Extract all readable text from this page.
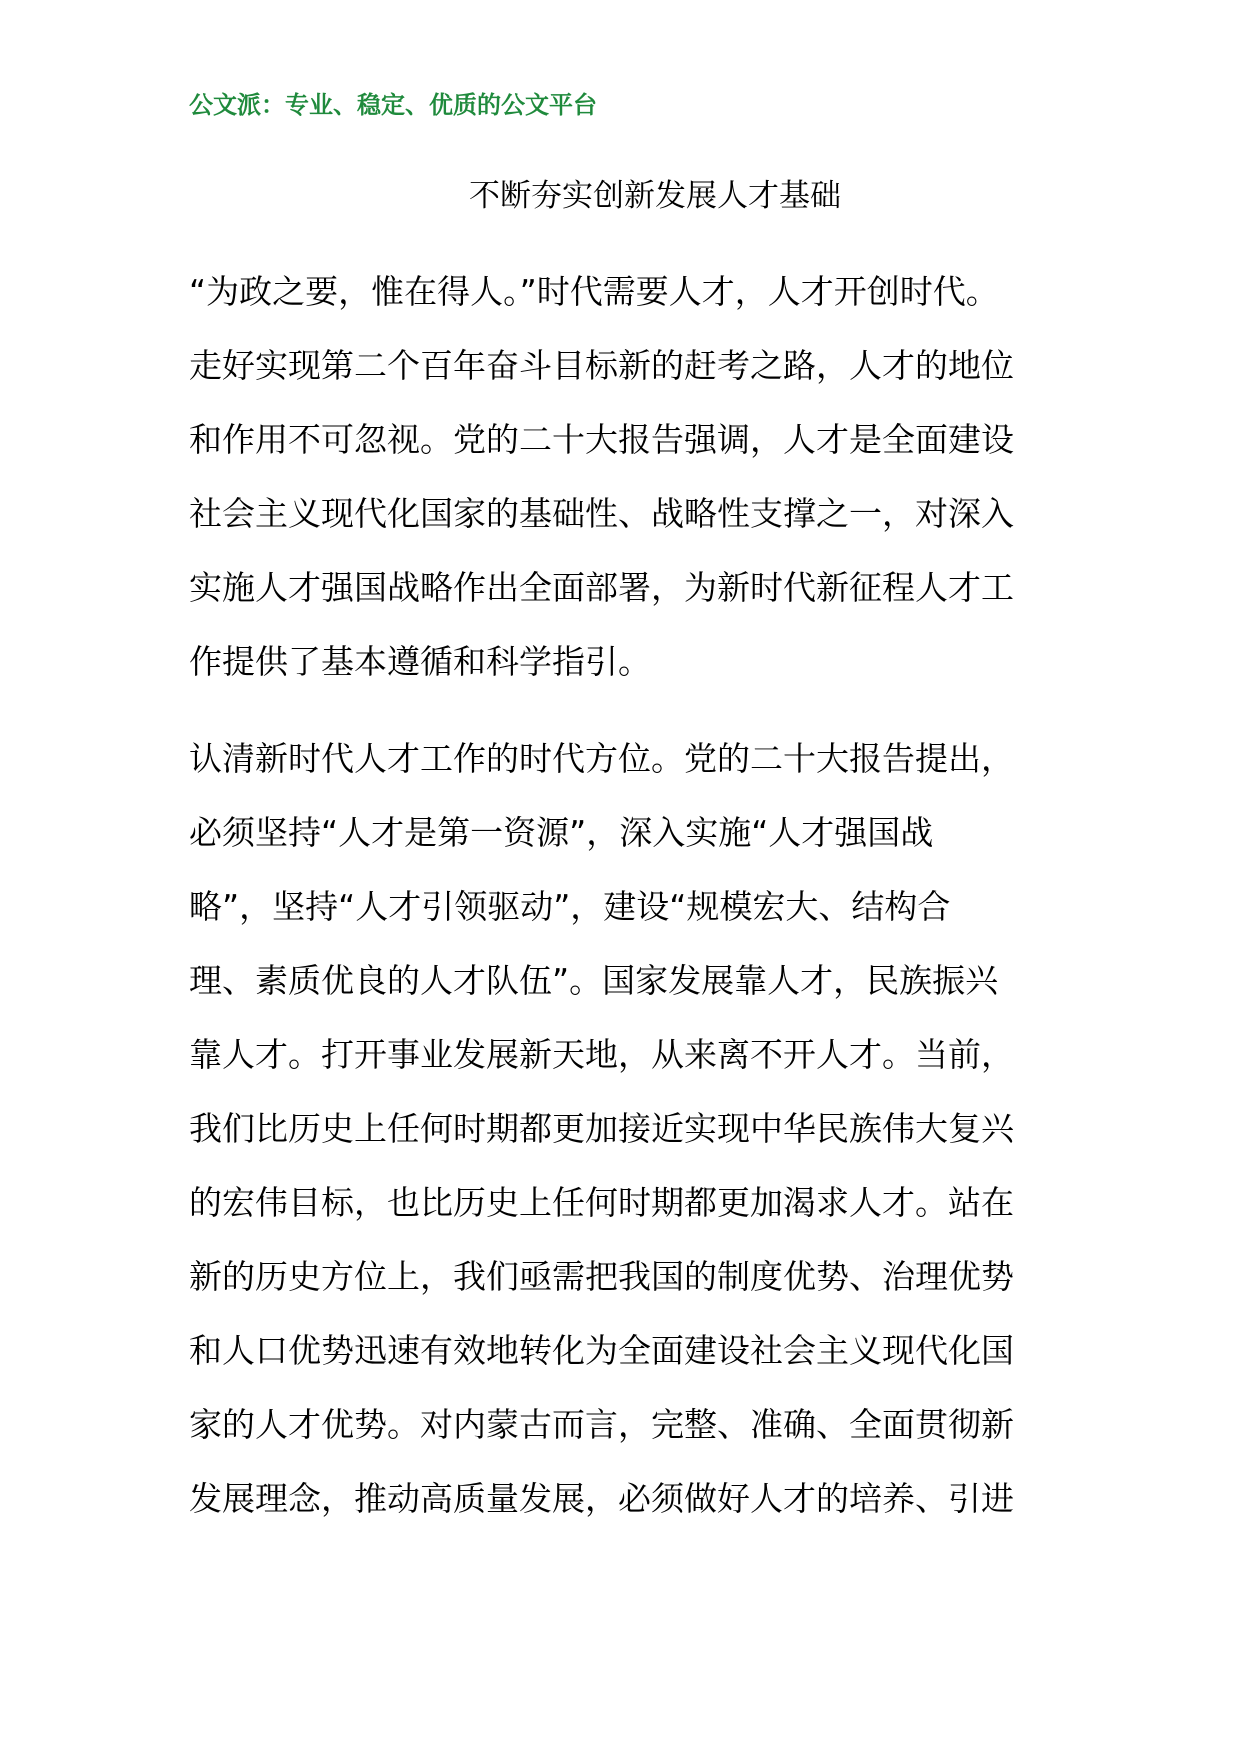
公文派：专业、稳定、优质的公文平台
不断夯实创新发展人才基础
“为政之要，惟在得人。”时代需要人才，人才开创时代。
走好实现第二个百年奋斗目标新的赶考之路，人才的地位
和作用不可忽视。党的二十大报告强调，人才是全面建设
社会主义现代化国家的基础性、战略性支撑之一，对深入
实施人才强国战略作出全面部署，为新时代新征程人才工
作提供了基本遵循和科学指引。
认清新时代人才工作的时代方位。党的二十大报告提出，
必须坚持“人才是第一资源”，深入实施“人才强国战
略”，坚持“人才引领驱动”，建设“规模宏大、结构合
理、素质优良的人才队伍”。国家发展靠人才，民族振兴
靠人才。打开事业发展新天地，从来离不开人才。当前，
我们比历史上任何时期都更加接近实现中华民族伟大复兴
的宏伟目标，也比历史上任何时期都更加渴求人才。站在
新的历史方位上，我们亟需把我国的制度优势、治理优势
和人口优势迅速有效地转化为全面建设社会主义现代化国
家的人才优势。对内蒙古而言，完整、准确、全面贯彻新
发展理念，推动高质量发展，必须做好人才的培养、引进
